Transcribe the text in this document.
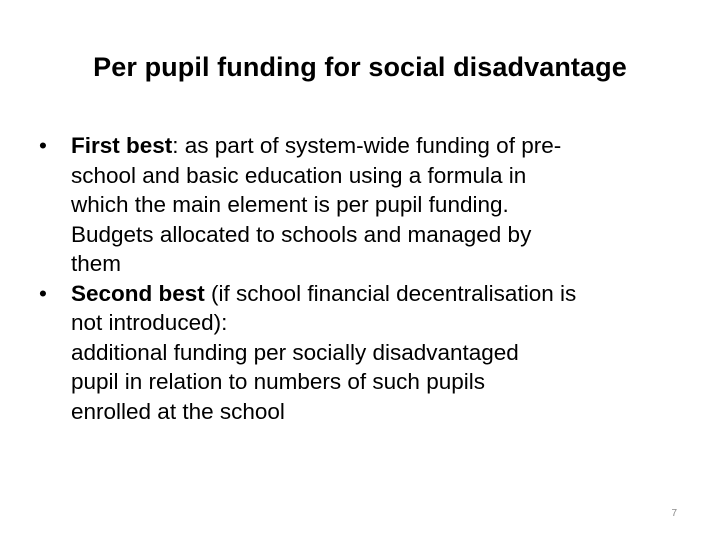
Per pupil funding for social disadvantage
•	First best: as part of system-wide funding of pre-
school and basic education using a formula in
which the main element is per pupil funding.
Budgets allocated to schools and managed by
them
•	Second best (if school financial decentralisation is
not introduced):
additional funding per socially disadvantaged
pupil in relation to numbers of such pupils
enrolled at the school
7
